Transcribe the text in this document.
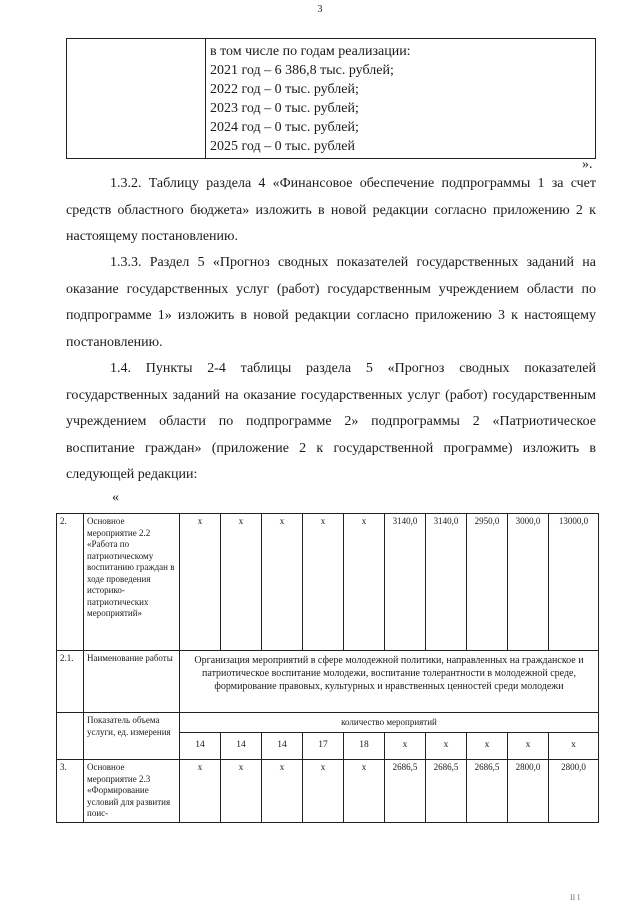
3
в том числе по годам реализации:
2021 год – 6 386,8 тыс. рублей;
2022 год – 0 тыс. рублей;
2023 год – 0 тыс. рублей;
2024 год – 0 тыс. рублей;
2025 год – 0 тыс. рублей
».

1.3.2. Таблицу раздела 4 «Финансовое обеспечение подпрограммы 1 за счет средств областного бюджета» изложить в новой редакции согласно приложению 2 к настоящему постановлению.

1.3.3. Раздел 5 «Прогноз сводных показателей государственных заданий на оказание государственных услуг (работ) государственным учреждением области по подпрограмме 1» изложить в новой редакции согласно приложению 3 к настоящему постановлению.

1.4. Пункты 2-4 таблицы раздела 5 «Прогноз сводных показателей государственных заданий на оказание государственных услуг (работ) государственным учреждением области по подпрограмме 2» подпрограммы 2 «Патриотическое воспитание граждан» (приложение 2 к государственной программе) изложить в следующей редакции:

«
2.	Основное мероприятие 2.2 «Работа по патриотическому воспитанию граждан в ходе проведения историко-патриотических мероприятий»	x	x	x	x	x	3140,0	3140,0	2950,0	3000,0	13000,0
2.1.	Наименование работы	Организация мероприятий в сфере молодежной политики, направленных на гражданское и патриотическое воспитание молодежи, воспитание толерантности в молодежной среде, формирование правовых, культурных и нравственных ценностей среди молодежи									
	Показатель объема услуги, ед. измерения	количество мероприятий									
		14	14	14	17	18	x	x	x	x	x
3.	Основное мероприятие 2.3 «Формирование условий для развития поис-	x	x	x	x	x	2686,5	2686,5	2686,5	2800,0	2800,0
II I
